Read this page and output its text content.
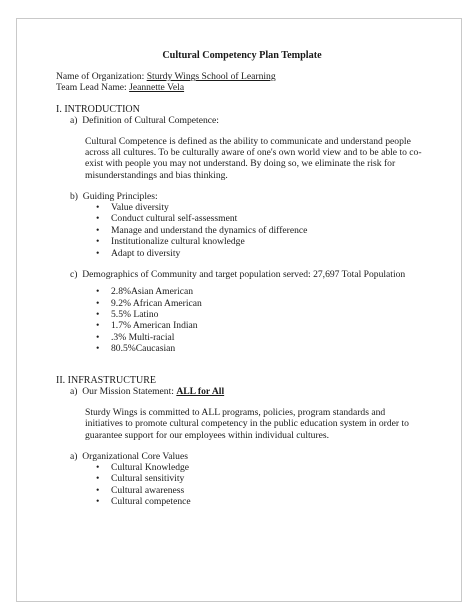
Cultural Competency Plan Template

Name of Organization: Sturdy Wings School of Learning

Team Lead Name: Jeannette Vela

I. INTRODUCTION

a)  Definition of Cultural Competence:

Cultural Competence is defined as the ability to communicate and understand people across all cultures. To be culturally aware of one's own world view and to be able to co-exist with people you may not understand. By doing so, we eliminate the risk for misunderstandings and bias thinking.

b)  Guiding Principles:

• Value diversity
• Conduct cultural self-assessment
• Manage and understand the dynamics of difference
• Institutionalize cultural knowledge
• Adapt to diversity

c)  Demographics of Community and target population served: 27,697 Total Population

• 2.8%Asian American
• 9.2% African American
• 5.5% Latino
• 1.7% American Indian
• .3% Multi-racial
• 80.5%Caucasian

II. INFRASTRUCTURE

a)  Our Mission Statement: ALL for All

Sturdy Wings is committed to ALL programs, policies, program standards and initiatives to promote cultural competency in the public education system in order to guarantee support for our employees within individual cultures.

a)  Organizational Core Values

• Cultural Knowledge
• Cultural sensitivity
• Cultural awareness
• Cultural competence
